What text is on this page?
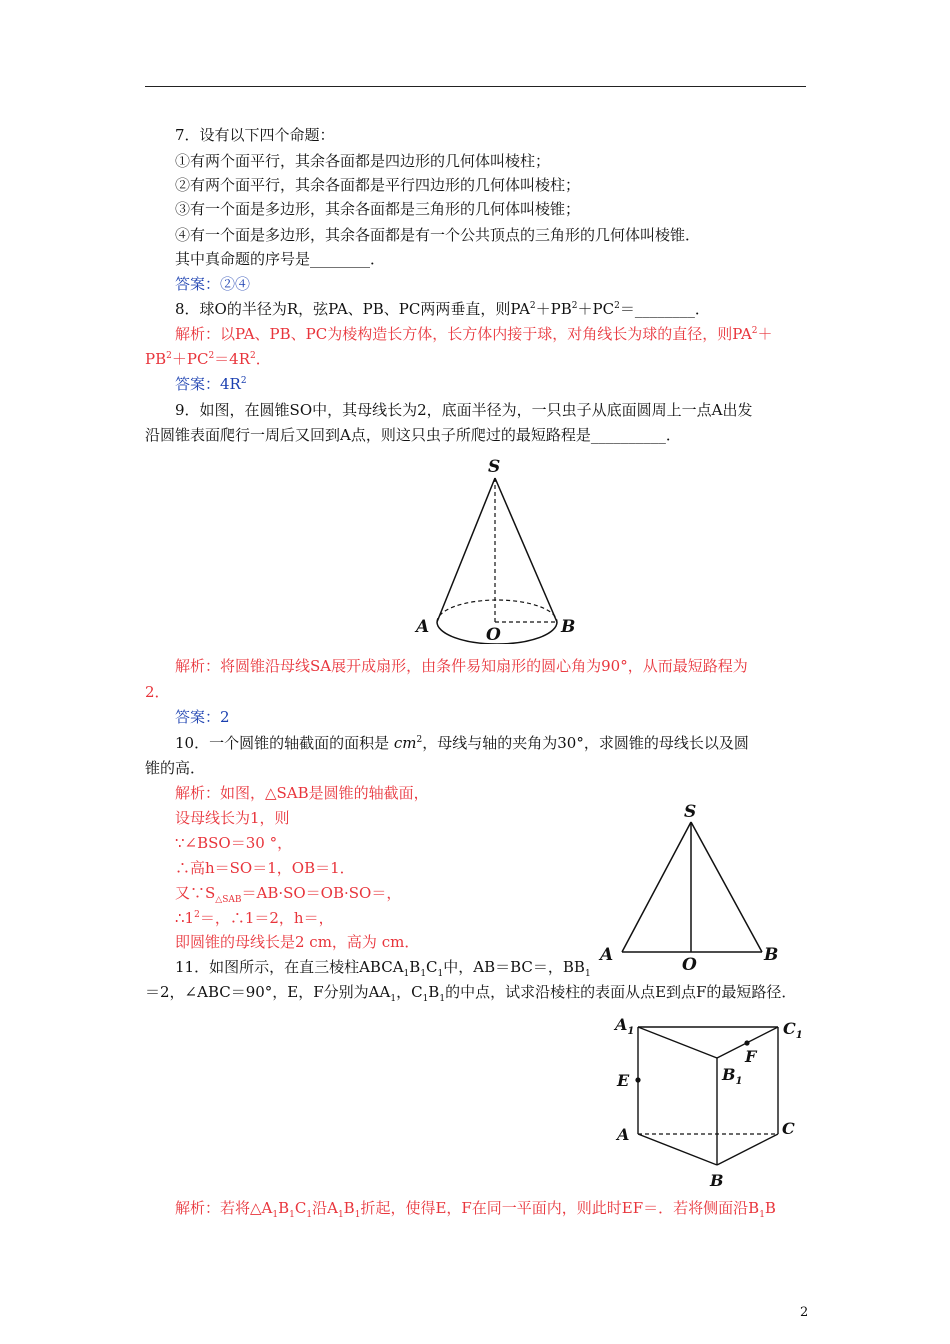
7．设有以下四个命题：
①有两个面平行，其余各面都是四边形的几何体叫棱柱；
②有两个面平行，其余各面都是平行四边形的几何体叫棱柱；
③有一个面是多边形，其余各面都是三角形的几何体叫棱锥；
④有一个面是多边形，其余各面都是有一个公共顶点的三角形的几何体叫棱锥．
其中真命题的序号是________．
答案：②④
8．球O的半径为R，弦PA、PB、PC两两垂直，则$PA^2+PB^2+PC^2=\_\_\_\_\_\_\_\_$．
解析：以PA、PB、PC为棱构造长方体，长方体内接于球，对角线长为球的直径，则$PA^2+$
$PB^2+PC^2=4R^2$．
答案：$4R^2$
9．如图，在圆锥SO中，其母线长为2，底面半径为，一只虫子从底面圆周上一点A出发
沿圆锥表面爬行一周后又回到A点，则这只虫子所爬过的最短路程是__________．
S
A	B
O
解析：将圆锥沿母线SA展开成扇形，由条件易知扇形的圆心角为90°，从而最短路程为
2．
答案：2
10．一个圆锥的轴截面的面积是 $cm^2$，母线与轴的夹角为30°，求圆锥的母线长以及圆
锥的高．
解析：如图，△SAB是圆锥的轴截面，
设母线长为1，则
∵∠BSO＝30 °，
∴高h＝SO＝1，OB＝1．
又$\because S_{\triangle SAB}=AB\cdot SO=OB\cdot SO=$，
$\therefore 1^2=$，∴1＝2，h＝，
即圆锥的母线长是2 cm，高为 cm．
S
A	B
O
11．如图所示，在直三棱柱$ABCA_1B_1C_1$中，AB＝BC＝，$BB_1$
＝2，∠ABC＝90°，E，F分别为$AA_1$，$C_1B_1$的中点，试求沿棱柱的表面从点E到点F的最短路径．
$A_1$	$C_1$
$B_1$
F
E
A	C
B
解析：若将$\triangle A_1B_1C_1$沿$A_1B_1$折起，使得E，F在同一平面内，则此时EF＝．若将侧面沿$B_1B$
2
